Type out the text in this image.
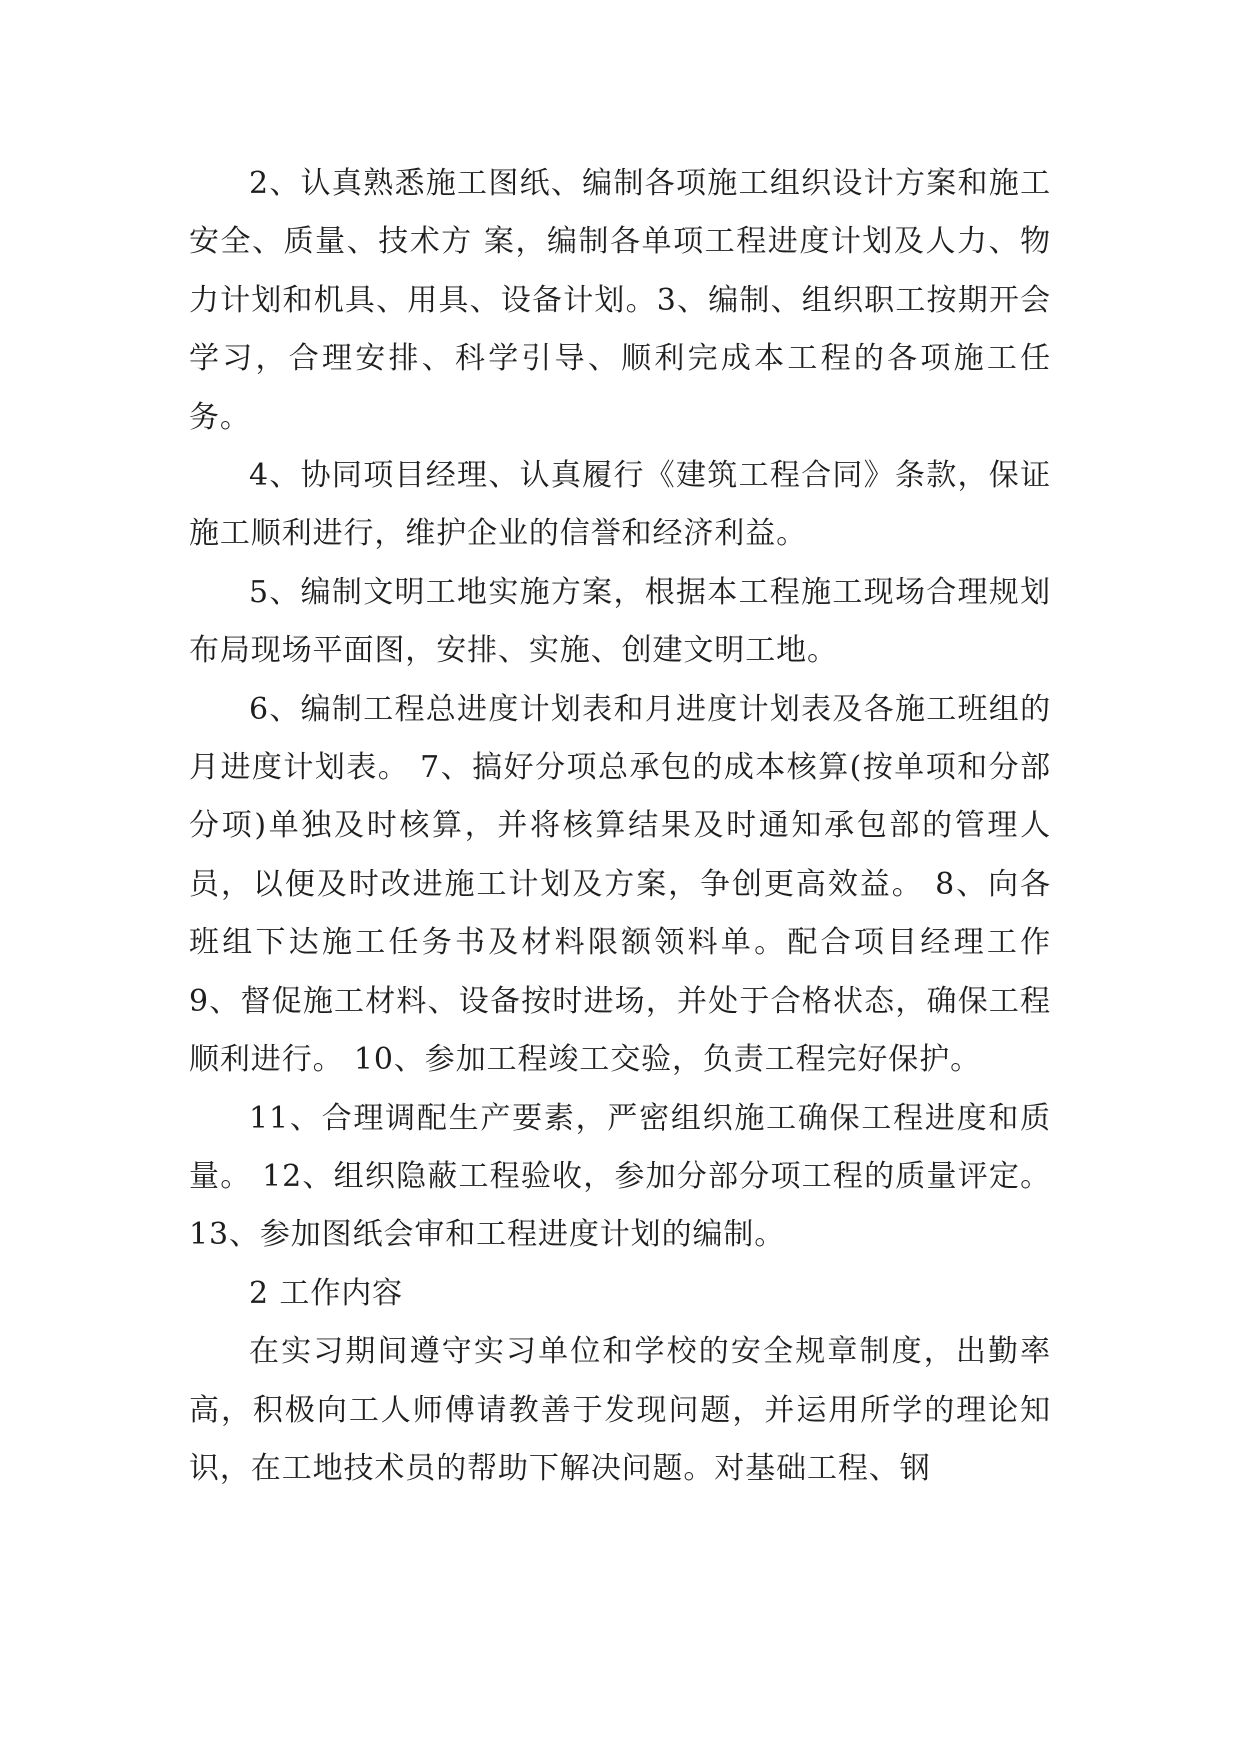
2、认真熟悉施工图纸、编制各项施工组织设计方案和施工安全、质量、技术方 案，编制各单项工程进度计划及人力、物力计划和机具、用具、设备计划。3、编制、组织职工按期开会学习，合理安排、科学引导、顺利完成本工程的各项施工任务。

4、协同项目经理、认真履行《建筑工程合同》条款，保证施工顺利进行，维护企业的信誉和经济利益。

5、编制文明工地实施方案，根据本工程施工现场合理规划布局现场平面图，安排、实施、创建文明工地。

6、编制工程总进度计划表和月进度计划表及各施工班组的月进度计划表。 7、搞好分项总承包的成本核算(按单项和分部分项)单独及时核算，并将核算结果及时通知承包部的管理人员，以便及时改进施工计划及方案，争创更高效益。 8、向各班组下达施工任务书及材料限额领料单。配合项目经理工作 9、督促施工材料、设备按时进场，并处于合格状态，确保工程顺利进行。 10、参加工程竣工交验，负责工程完好保护。

11、合理调配生产要素，严密组织施工确保工程进度和质量。 12、组织隐蔽工程验收，参加分部分项工程的质量评定。13、参加图纸会审和工程进度计划的编制。

2 工作内容

在实习期间遵守实习单位和学校的安全规章制度，出勤率高，积极向工人师傅请教善于发现问题，并运用所学的理论知识，在工地技术员的帮助下解决问题。对基础工程、钢
